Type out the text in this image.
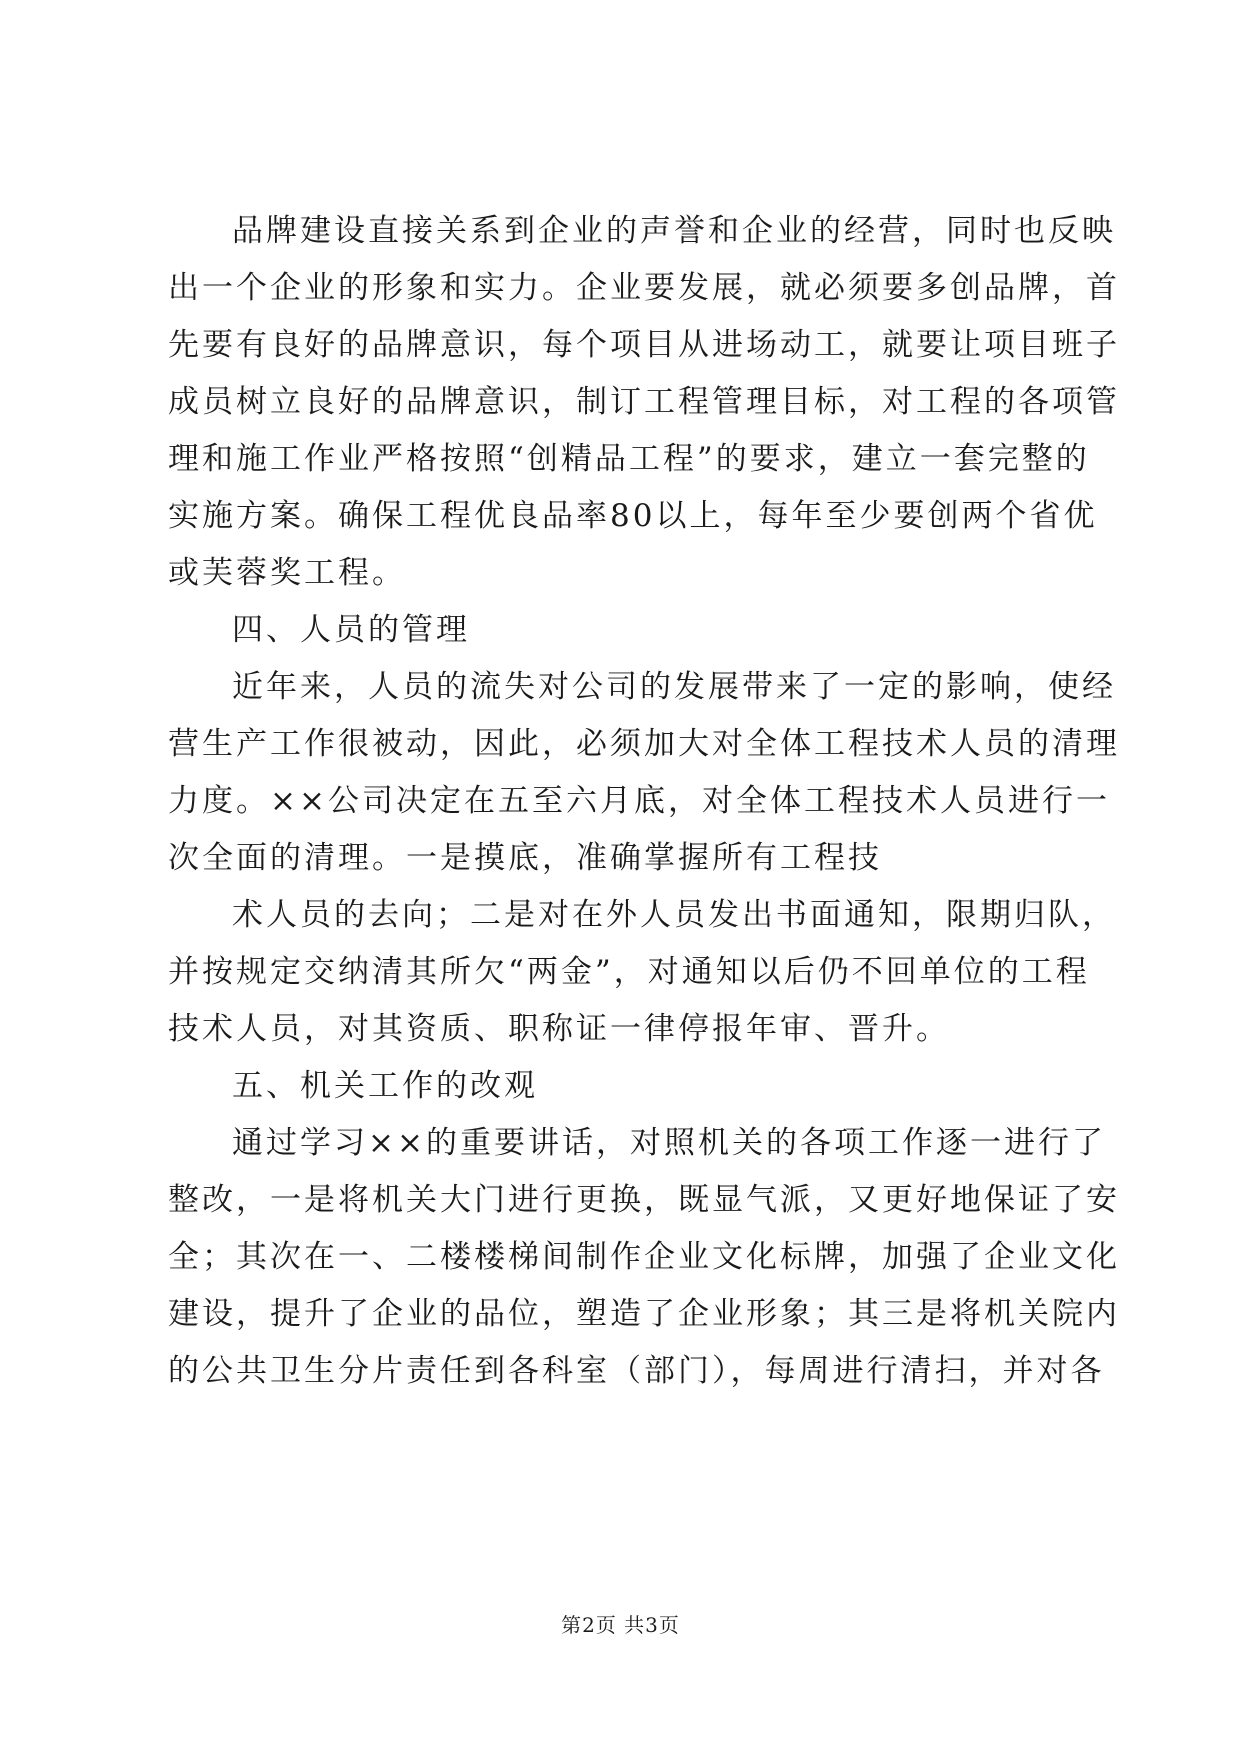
品牌建设直接关系到企业的声誉和企业的经营，同时也反映
出一个企业的形象和实力。企业要发展，就必须要多创品牌，首
先要有良好的品牌意识，每个项目从进场动工，就要让项目班子
成员树立良好的品牌意识，制订工程管理目标，对工程的各项管
理和施工作业严格按照“创精品工程”的要求，建立一套完整的
实施方案。确保工程优良品率80以上，每年至少要创两个省优
或芙蓉奖工程。
四、人员的管理
近年来，人员的流失对公司的发展带来了一定的影响，使经
营生产工作很被动，因此，必须加大对全体工程技术人员的清理
力度。××公司决定在五至六月底，对全体工程技术人员进行一
次全面的清理。一是摸底，准确掌握所有工程技
术人员的去向；二是对在外人员发出书面通知，限期归队，
并按规定交纳清其所欠“两金”，对通知以后仍不回单位的工程
技术人员，对其资质、职称证一律停报年审、晋升。
五、机关工作的改观
通过学习××的重要讲话，对照机关的各项工作逐一进行了
整改，一是将机关大门进行更换，既显气派，又更好地保证了安
全；其次在一、二楼楼梯间制作企业文化标牌，加强了企业文化
建设，提升了企业的品位，塑造了企业形象；其三是将机关院内
的公共卫生分片责任到各科室（部门），每周进行清扫，并对各
第2页 共3页
